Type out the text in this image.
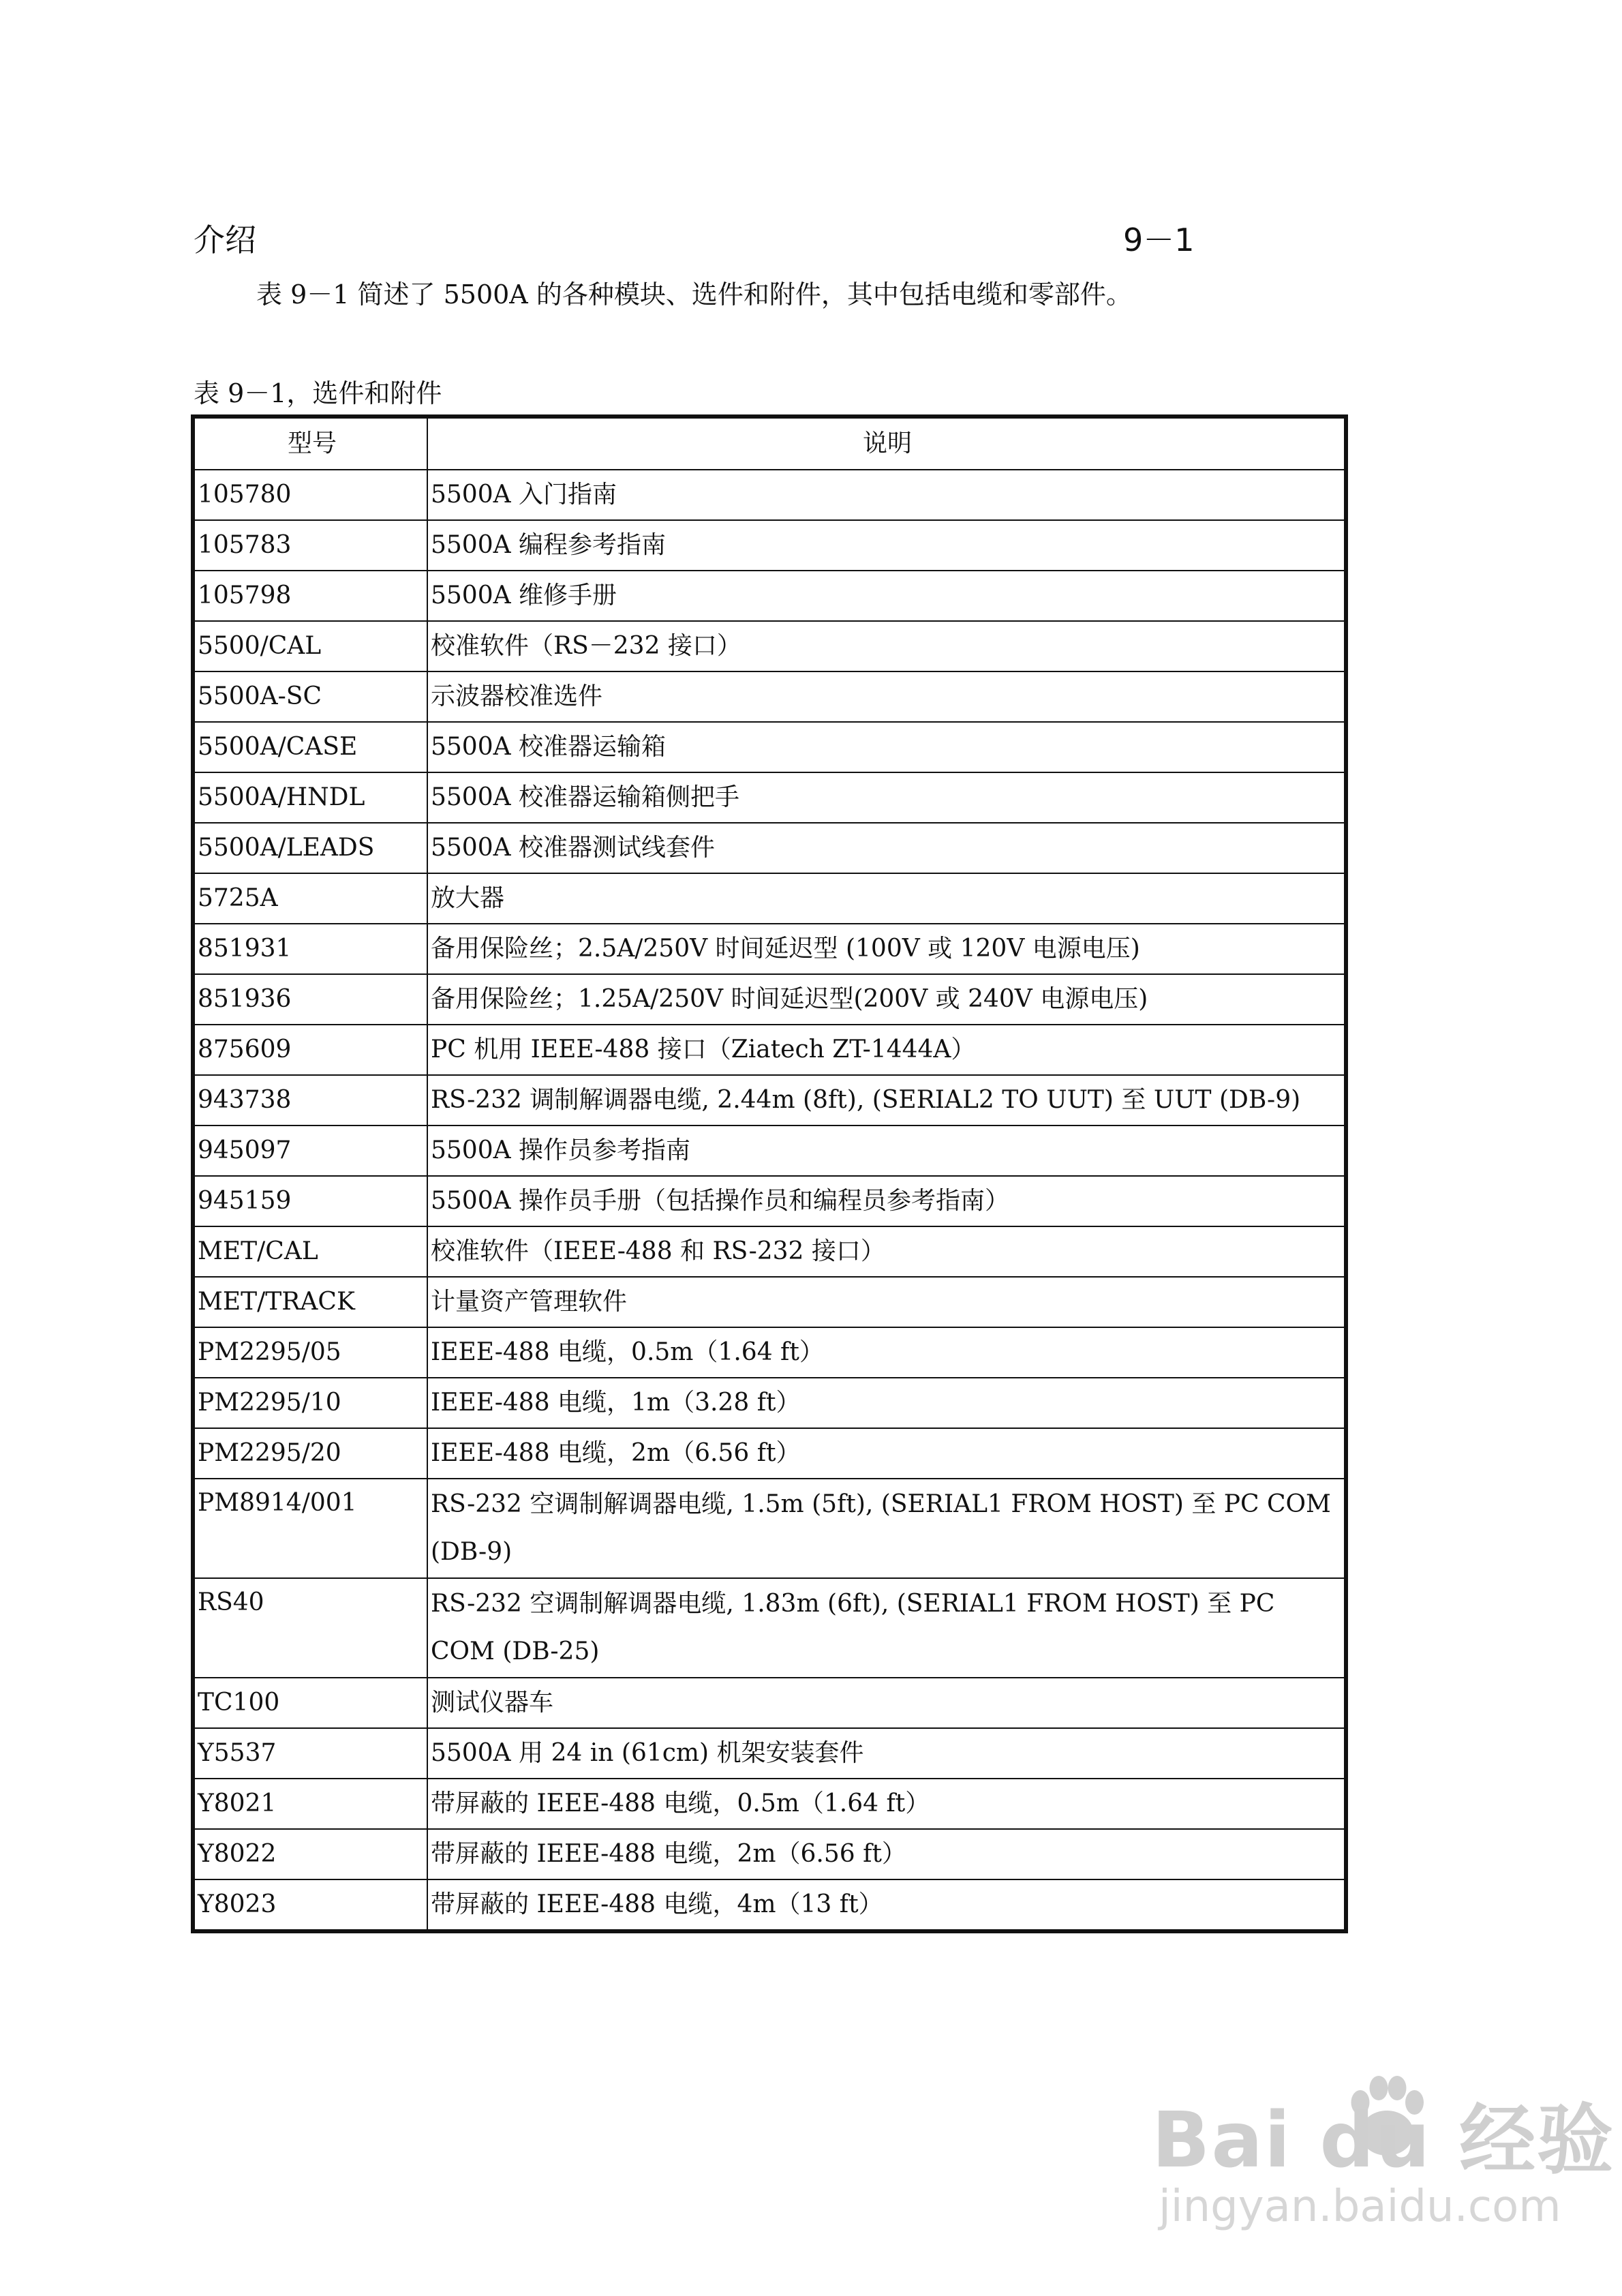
介绍	9－1
表 9－1 简述了 5500A 的各种模块、选件和附件，其中包括电缆和零部件。
表 9－1，选件和附件
型号	说明
105780	5500A 入门指南
105783	5500A 编程参考指南
105798	5500A 维修手册
5500/CAL	校准软件（RS－232 接口）
5500A-SC	示波器校准选件
5500A/CASE	5500A 校准器运输箱
5500A/HNDL	5500A 校准器运输箱侧把手
5500A/LEADS	5500A 校准器测试线套件
5725A	放大器
851931	备用保险丝；2.5A/250V 时间延迟型 (100V 或 120V 电源电压)
851936	备用保险丝；1.25A/250V 时间延迟型(200V 或 240V 电源电压)
875609	PC 机用 IEEE-488 接口（Ziatech ZT-1444A）
943738	RS-232 调制解调器电缆, 2.44m (8ft), (SERIAL2 TO UUT) 至 UUT (DB-9)
945097	5500A 操作员参考指南
945159	5500A 操作员手册（包括操作员和编程员参考指南）
MET/CAL	校准软件（IEEE-488 和 RS-232 接口）
MET/TRACK	计量资产管理软件
PM2295/05	IEEE-488 电缆，0.5m（1.64 ft）
PM2295/10	IEEE-488 电缆，1m（3.28 ft）
PM2295/20	IEEE-488 电缆，2m（6.56 ft）
PM8914/001	RS-232 空调制解调器电缆, 1.5m (5ft), (SERIAL1 FROM HOST) 至 PC COM (DB-9)
RS40	RS-232 空调制解调器电缆, 1.83m (6ft), (SERIAL1 FROM HOST) 至 PC COM (DB-25)
TC100	测试仪器车
Y5537	5500A 用 24 in (61cm) 机架安装套件
Y8021	带屏蔽的 IEEE-488 电缆，0.5m（1.64 ft）
Y8022	带屏蔽的 IEEE-488 电缆，2m（6.56 ft）
Y8023	带屏蔽的 IEEE-488 电缆，4m（13 ft）
Bai du 经验
jingyan.baidu.com
